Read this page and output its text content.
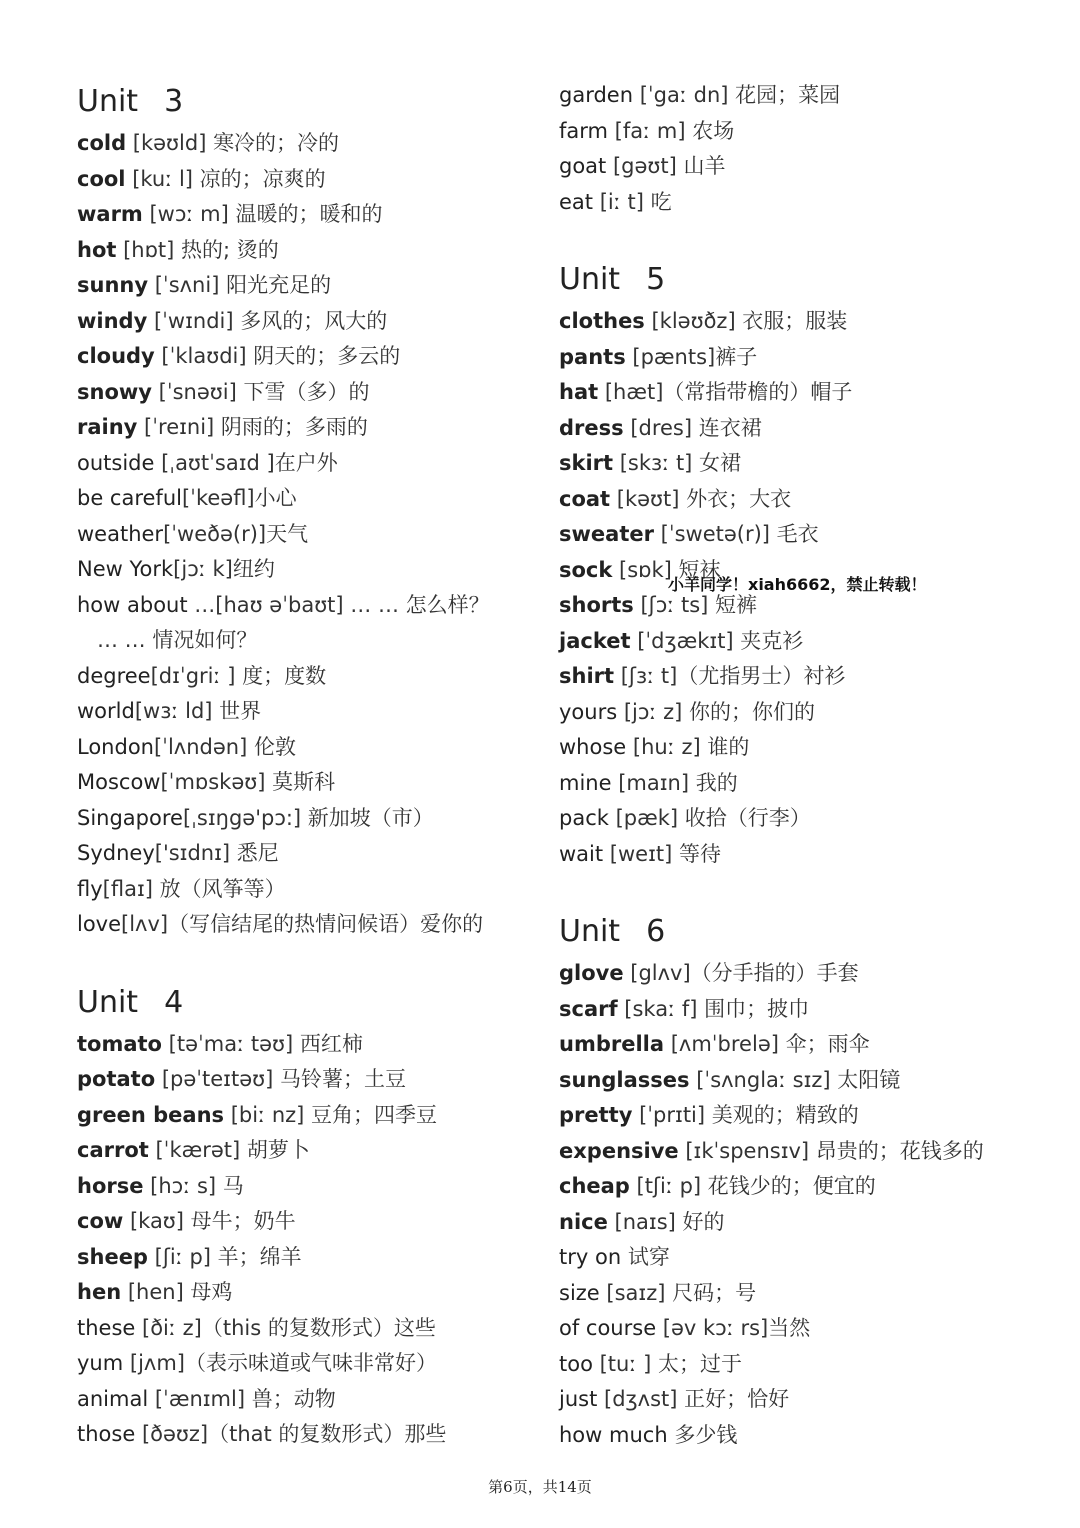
Unit 3
cold [kəʊld] 寒冷的；冷的
cool [kuː l] 凉的；凉爽的
warm [wɔː m] 温暖的；暖和的
hot [hɒt] 热的; 烫的
sunny [ˈsʌni] 阳光充足的
windy [ˈwɪndi] 多风的；风大的
cloudy [ˈklaʊdi] 阴天的；多云的
snowy [ˈsnəʊi] 下雪（多）的
rainy [ˈreɪni] 阴雨的；多雨的
outside [ˌaʊtˈsaɪd ]在户外
be careful[ˈkeəfl]小心
weather[ˈweðə(r)]天气
New York[jɔː k]纽约
how about …[haʊ əˈbaʊt] … … 怎么样？
… … 情况如何？
degree[dɪˈgriː ] 度；度数
world[wɜː ld] 世界
London[ˈlʌndən] 伦敦
Moscow[ˈmɒskəʊ] 莫斯科
Singapore[ˌsɪŋgə'pɔ:] 新加坡（市）
Sydney['sɪdnɪ] 悉尼
fly[flaɪ] 放（风筝等）
love[lʌv]（写信结尾的热情问候语）爱你的
Unit 4
tomato [təˈmaː təʊ] 西红柿
potato [pəˈteɪtəʊ] 马铃薯；土豆
green beans [biː nz] 豆角；四季豆
carrot [ˈkærət] 胡萝卜
horse [hɔː s] 马
cow [kaʊ] 母牛；奶牛
sheep [ʃiː p] 羊；绵羊
hen [hen] 母鸡
these [ðiː z]（this 的复数形式）这些
yum [jʌm]（表示味道或气味非常好）
animal [ˈænɪml] 兽；动物
those [ðəʊz]（that 的复数形式）那些
garden [ˈgaː dn] 花园；菜园
farm [faː m] 农场
goat [gəʊt] 山羊
eat [iː t] 吃
Unit 5
clothes [kləʊðz] 衣服；服装
pants [pænts]裤子
hat [hæt]（常指带檐的）帽子
dress [dres] 连衣裙
skirt [skɜː t] 女裙
coat [kəʊt] 外衣；大衣
sweater [ˈswetə(r)] 毛衣
sock [sɒk] 短袜
shorts [ʃɔː ts] 短裤
jacket [ˈdʒækɪt] 夹克衫
shirt [ʃɜː t]（尤指男士）衬衫
yours [jɔː z] 你的；你们的
whose [huː z] 谁的
mine [maɪn] 我的
pack [pæk] 收拾（行李）
wait [weɪt] 等待
Unit 6
glove [glʌv]（分手指的）手套
scarf [skaː f] 围巾；披巾
umbrella [ʌmˈbrelə] 伞；雨伞
sunglasses [ˈsʌnglaː sɪz] 太阳镜
pretty [ˈprɪti] 美观的；精致的
expensive [ɪkˈspensɪv] 昂贵的；花钱多的
cheap [tʃiː p] 花钱少的；便宜的
nice [naɪs] 好的
try on 试穿
size [saɪz] 尺码；号
of course [əv kɔː rs]当然
too [tuː ] 太；过于
just [dʒʌst] 正好；恰好
how much 多少钱
小羊同学！xiah6662，禁止转载！
第6页，共14页
